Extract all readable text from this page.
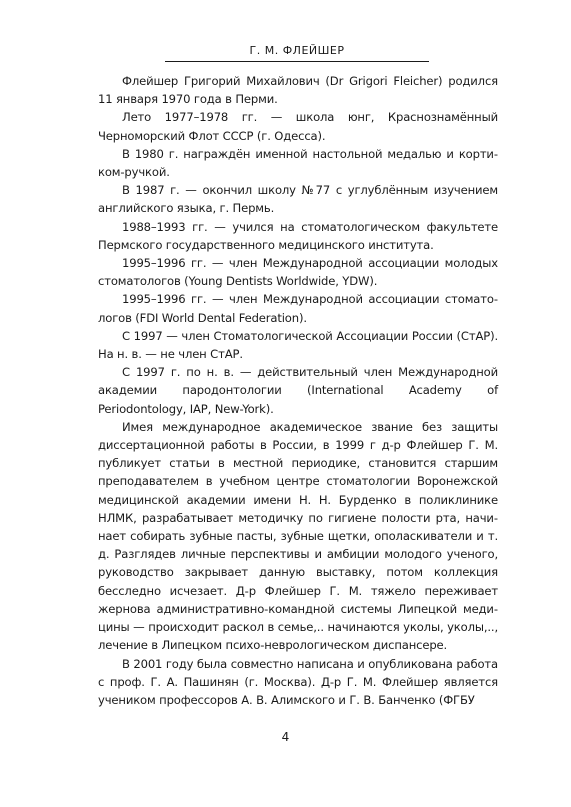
Г. М. ФЛЕЙШЕР

Флейшер Григорий Михайлович (Dr Grigori Fleicher) родился 11 января 1970 года в Перми.

Лето 1977–1978 гг. — школа юнг, Краснознамённый Черноморский Флот СССР (г. Одесса).

В 1980 г. награждён именной настольной медалью и кортиком-ручкой.

В 1987 г. — окончил школу №77 с углублённым изучением английского языка, г. Пермь.

1988–1993 гг. — учился на стоматологическом факультете Пермского государственного медицинского института.

1995–1996 гг. — член Международной ассоциации молодых стоматологов (Young Dentists Worldwide, YDW).

1995–1996 гг. — член Международной ассоциации стоматологов (FDI World Dental Federation).

С 1997 — член Стоматологической Ассоциации России (СтАР). На н. в. — не член СтАР.

С 1997 г. по н. в. — действительный член Международной академии пародонтологии (International Academy of Periodontology, IAP, New-York).

Имея международное академическое звание без защиты диссертационной работы в России, в 1999 г д-р Флейшер Г. М. публикует статьи в местной периодике, становится старшим преподавателем в учебном центре стоматологии Воронежской медицинской академии имени Н. Н. Бурденко в поликлинике НЛМК, разрабатывает методичку по гигиене полости рта, начинает собирать зубные пасты, зубные щетки, ополаскиватели и т. д. Разглядев личные перспективы и амбиции молодого ученого, руководство закрывает данную выставку, потом коллекция бесследно исчезает. Д-р Флейшер Г. М. тяжело переживает жернова административно-командной системы Липецкой медицины — происходит раскол в семье,.. начинаются уколы, уколы,.., лечение в Липецком психо-неврологическом диспансере.

В 2001 году была совместно написана и опубликована работа с проф. Г. А. Пашинян (г. Москва). Д-р Г. М. Флейшер является учеником профессоров А. В. Алимского и Г. В. Банченко (ФГБУ

4
